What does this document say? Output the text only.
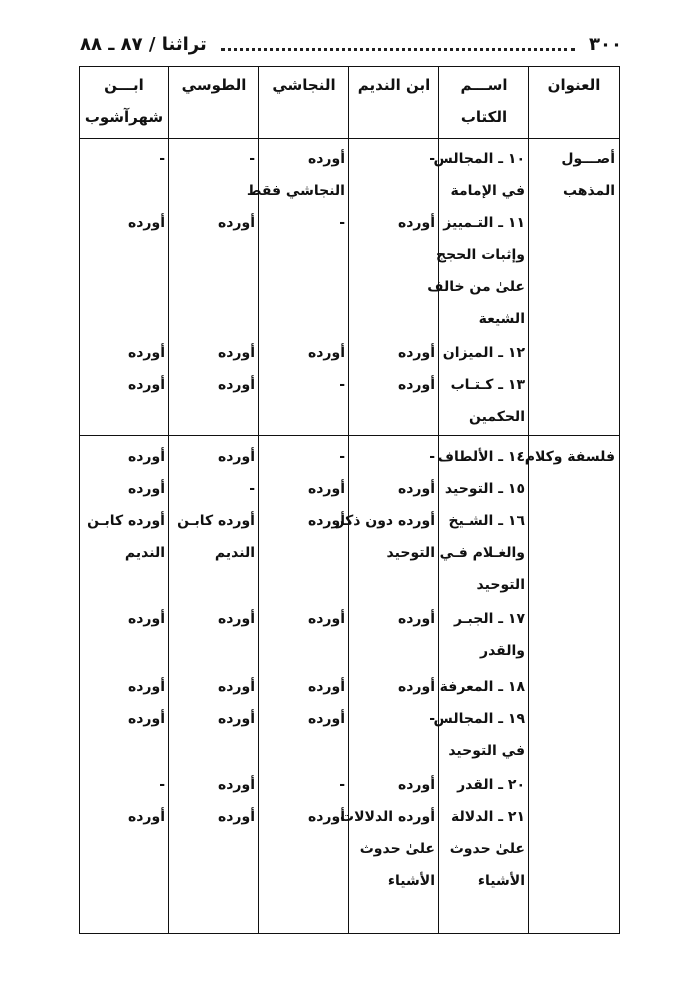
٣٠٠
تراثنا / ٨٧ ـ ٨٨
العنوان
اســـم
الكتاب
ابن النديم
النجاشي
الطوسي
ابـــن
شهرآشوب
أصـــول
المذهب
١٠ ـ المجالس
في الإمامة
-
أورده
النجاشي فقط
-
-
١١ ـ التـمييز
وإثبات الحجج
علىٰ من خالف
الشيعة
أورده
-
أورده
أورده
١٢ ـ الميزان
أورده
أورده
أورده
أورده
١٣ ـ كـتـاب
الحكمين
أورده
-
أورده
أورده
فلسفة وكلام
١٤ ـ الألطاف
-
-
أورده
أورده
١٥ ـ التوحيد
أورده
أورده
-
أورده
١٦ ـ الشـيخ
والغـلام فـي
التوحيد
أورده دون ذكر
التوحيد
أورده
أورده كابـن
النديم
أورده كابـن
النديم
١٧ ـ الجبـر
والقدر
أورده
أورده
أورده
أورده
١٨ ـ المعرفة
أورده
أورده
أورده
أورده
١٩ ـ المجالس
في التوحيد
-
أورده
أورده
أورده
٢٠ ـ القدر
أورده
-
أورده
-
٢١ ـ الدلالة
علىٰ حدوث
الأشياء
أورده الدلالات
علىٰ حدوث
الأشياء
أورده
أورده
أورده
